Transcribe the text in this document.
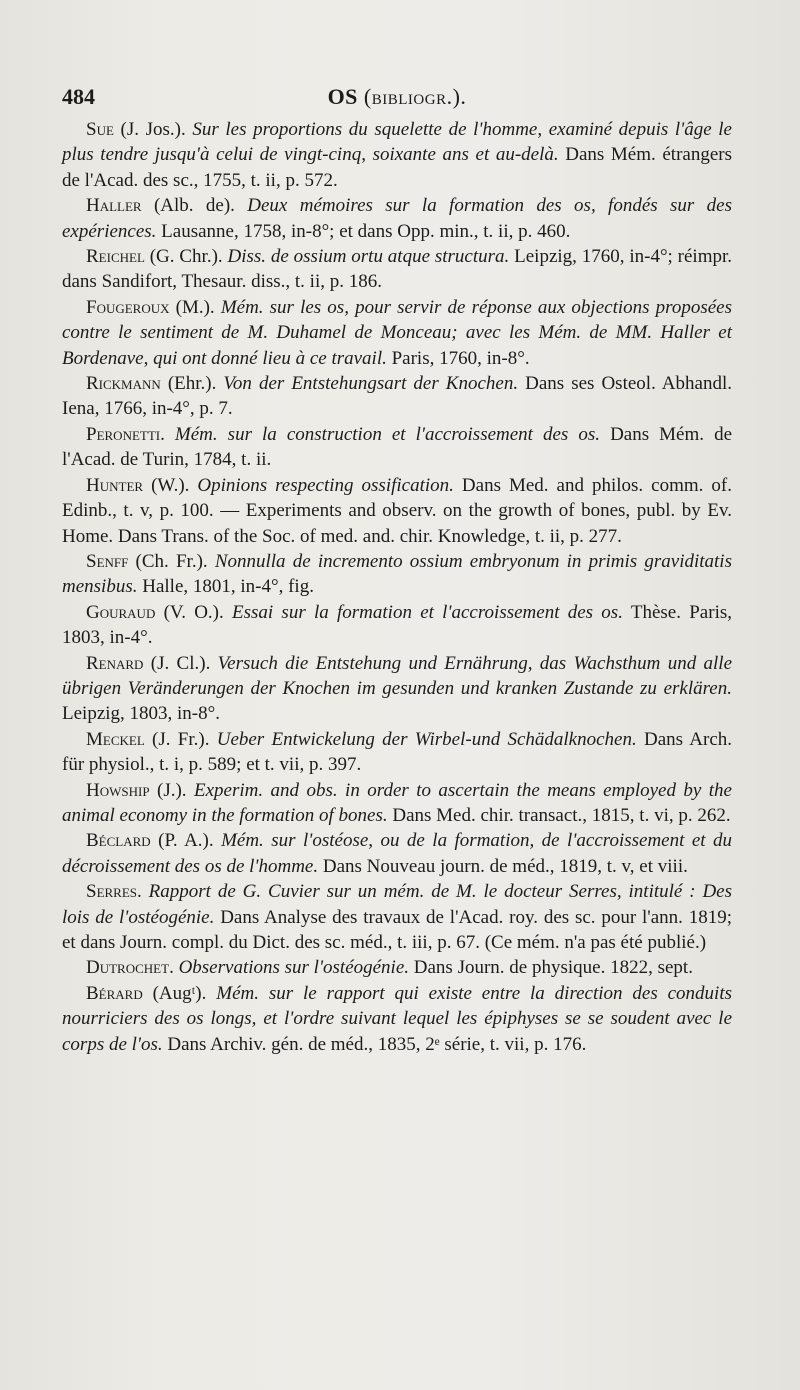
484	OS (bibliogr.).

Sue (J. Jos.). Sur les proportions du squelette de l'homme, examiné depuis l'âge le plus tendre jusqu'à celui de vingt-cinq, soixante ans et au-delà. Dans Mém. étrangers de l'Acad. des sc., 1755, t. ii, p. 572.

Haller (Alb. de). Deux mémoires sur la formation des os, fondés sur des expériences. Lausanne, 1758, in-8°; et dans Opp. min., t. ii, p. 460.

Reichel (G. Chr.). Diss. de ossium ortu atque structura. Leipzig, 1760, in-4°; réimpr. dans Sandifort, Thesaur. diss., t. ii, p. 186.

Fougeroux (M.). Mém. sur les os, pour servir de réponse aux objections proposées contre le sentiment de M. Duhamel de Monceau; avec les Mém. de MM. Haller et Bordenave, qui ont donné lieu à ce travail. Paris, 1760, in-8°.

Rickmann (Ehr.). Von der Entstehungsart der Knochen. Dans ses Osteol. Abhandl. Iena, 1766, in-4°, p. 7.

Peronetti. Mém. sur la construction et l'accroissement des os. Dans Mém. de l'Acad. de Turin, 1784, t. ii.

Hunter (W.). Opinions respecting ossification. Dans Med. and philos. comm. of. Edinb., t. v, p. 100. — Experiments and observ. on the growth of bones, publ. by Ev. Home. Dans Trans. of the Soc. of med. and. chir. Knowledge, t. ii, p. 277.

Senff (Ch. Fr.). Nonnulla de incremento ossium embryonum in primis graviditatis mensibus. Halle, 1801, in-4°, fig.

Gouraud (V. O.). Essai sur la formation et l'accroissement des os. Thèse. Paris, 1803, in-4°.

Renard (J. Cl.). Versuch die Entstehung und Ernährung, das Wachsthum und alle übrigen Veränderungen der Knochen im gesunden und kranken Zustande zu erklären. Leipzig, 1803, in-8°.

Meckel (J. Fr.). Ueber Entwickelung der Wirbel-und Schädalknochen. Dans Arch. für physiol., t. i, p. 589; et t. vii, p. 397.

Howship (J.). Experim. and obs. in order to ascertain the means employed by the animal economy in the formation of bones. Dans Med. chir. transact., 1815, t. vi, p. 262.

Béclard (P. A.). Mém. sur l'ostéose, ou de la formation, de l'accroissement et du décroissement des os de l'homme. Dans Nouveau journ. de méd., 1819, t. v, et viii.

Serres. Rapport de G. Cuvier sur un mém. de M. le docteur Serres, intitulé : Des lois de l'ostéogénie. Dans Analyse des travaux de l'Acad. roy. des sc. pour l'ann. 1819; et dans Journ. compl. du Dict. des sc. méd., t. iii, p. 67. (Ce mém. n'a pas été publié.)

Dutrochet. Observations sur l'ostéogénie. Dans Journ. de physique. 1822, sept.

Bérard (Augᵗ). Mém. sur le rapport qui existe entre la direction des conduits nourriciers des os longs, et l'ordre suivant lequel les épiphyses se se soudent avec le corps de l'os. Dans Archiv. gén. de méd., 1835, 2ᵉ série, t. vii, p. 176.
